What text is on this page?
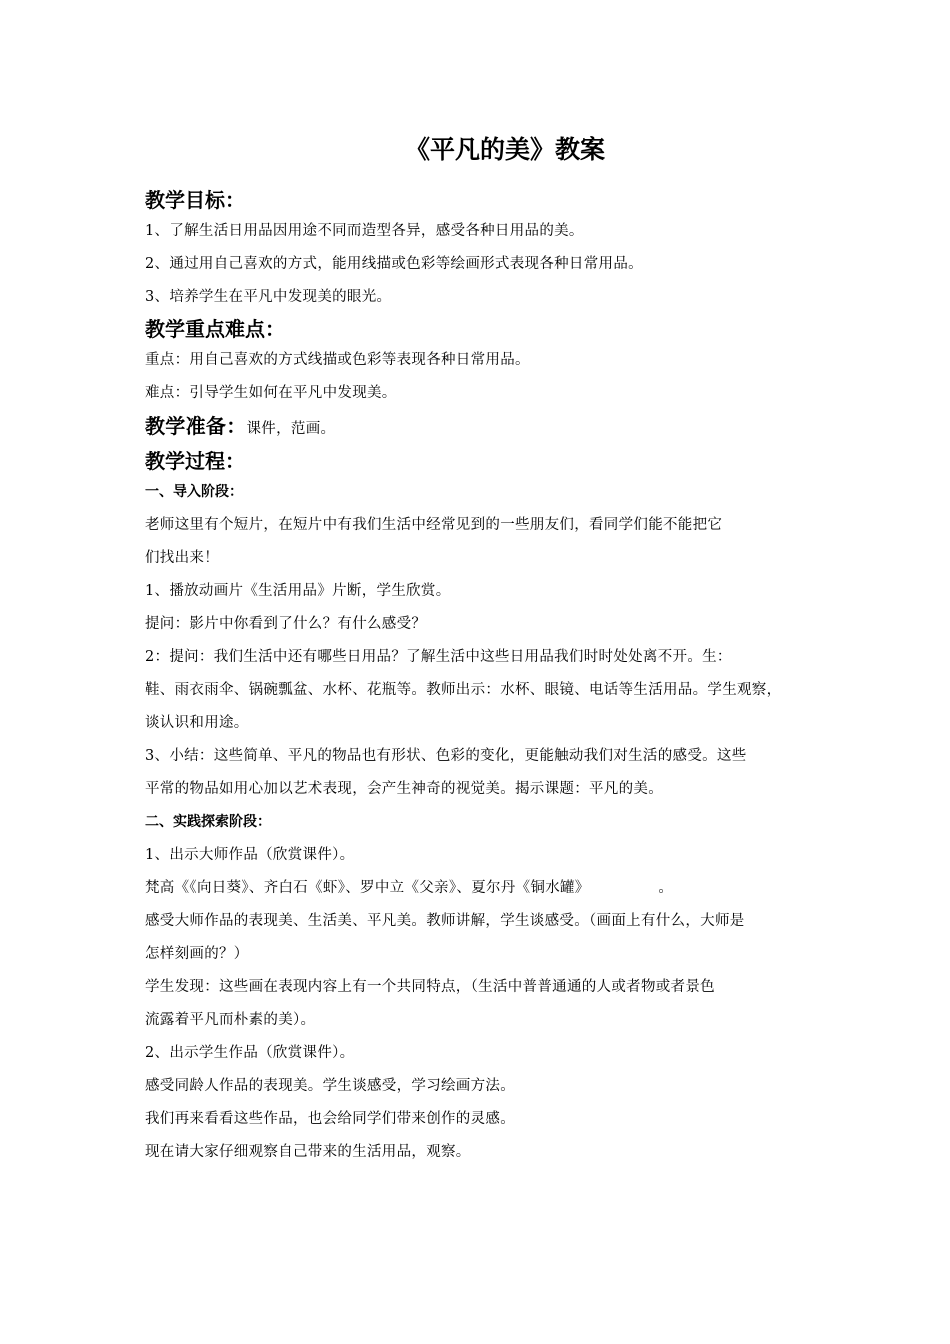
《平凡的美》教案
教学目标：
1、了解生活日用品因用途不同而造型各异，感受各种日用品的美。
2、通过用自己喜欢的方式，能用线描或色彩等绘画形式表现各种日常用品。
3、培养学生在平凡中发现美的眼光。
教学重点难点：
重点：用自己喜欢的方式线描或色彩等表现各种日常用品。
难点：引导学生如何在平凡中发现美。
教学准备：课件，范画。
教学过程：
一、导入阶段：
老师这里有个短片，在短片中有我们生活中经常见到的一些朋友们，看同学们能不能把它
们找出来！
1、播放动画片《生活用品》片断，学生欣赏。
提问：影片中你看到了什么？有什么感受？
2：提问：我们生活中还有哪些日用品？了解生活中这些日用品我们时时处处离不开。生：
鞋、雨衣雨伞、锅碗瓢盆、水杯、花瓶等。教师出示：水杯、眼镜、电话等生活用品。学生观察，
谈认识和用途。
3、小结：这些简单、平凡的物品也有形状、色彩的变化，更能触动我们对生活的感受。这些
平常的物品如用心加以艺术表现，会产生神奇的视觉美。揭示课题：平凡的美。
二、实践探索阶段：
1、出示大师作品（欣赏课件）。
梵高《《向日葵》、齐白石《虾》、罗中立《父亲》、夏尔丹《铜水罐》              。
感受大师作品的表现美、生活美、平凡美。教师讲解，学生谈感受。（画面上有什么，大师是
怎样刻画的？）
学生发现：这些画在表现内容上有一个共同特点，（生活中普普通通的人或者物或者景色
流露着平凡而朴素的美）。
2、出示学生作品（欣赏课件）。
感受同龄人作品的表现美。学生谈感受，学习绘画方法。
我们再来看看这些作品，也会给同学们带来创作的灵感。
现在请大家仔细观察自己带来的生活用品，观察。
